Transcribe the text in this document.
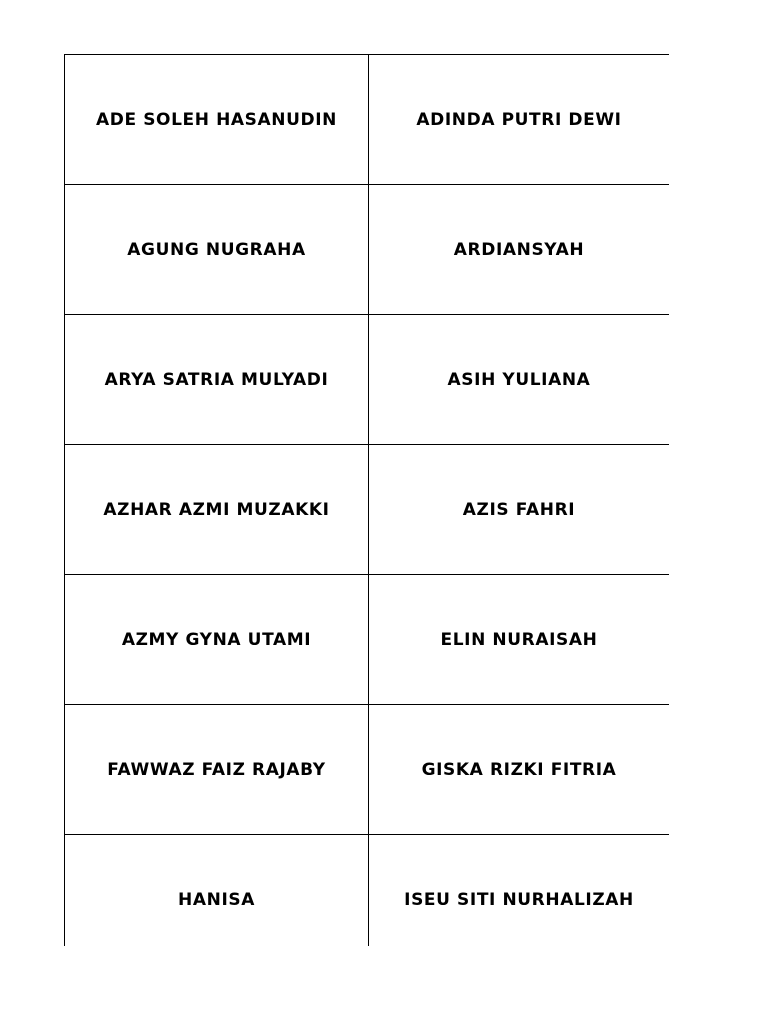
ADE SOLEH HASANUDIN	ADINDA PUTRI DEWI
AGUNG NUGRAHA	ARDIANSYAH
ARYA SATRIA MULYADI	ASIH YULIANA
AZHAR AZMI MUZAKKI	AZIS FAHRI
AZMY GYNA UTAMI	ELIN NURAISAH
FAWWAZ FAIZ RAJABY	GISKA RIZKI FITRIA
HANISA	ISEU SITI NURHALIZAH
